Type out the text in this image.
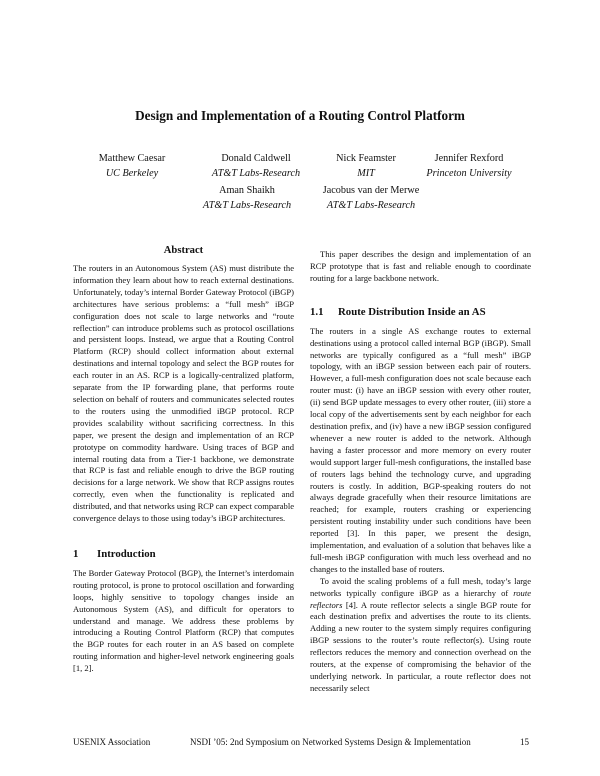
Design and Implementation of a Routing Control Platform
Matthew Caesar
UC Berkeley
Donald Caldwell
AT&T Labs-Research
Nick Feamster
MIT
Jennifer Rexford
Princeton University
Aman Shaikh
AT&T Labs-Research
Jacobus van der Merwe
AT&T Labs-Research

Abstract

The routers in an Autonomous System (AS) must distribute the information they learn about how to reach external destinations. Unfortunately, today’s internal Border Gateway Protocol (iBGP) architectures have serious problems: a “full mesh” iBGP configuration does not scale to large networks and “route reflection” can introduce problems such as protocol oscillations and persistent loops. Instead, we argue that a Routing Control Platform (RCP) should collect information about external destinations and internal topology and select the BGP routes for each router in an AS. RCP is a logically-centralized platform, separate from the IP forwarding plane, that performs route selection on behalf of routers and communicates selected routes to the routers using the unmodified iBGP protocol. RCP provides scalability without sacrificing correctness. In this paper, we present the design and implementation of an RCP prototype on commodity hardware. Using traces of BGP and internal routing data from a Tier-1 backbone, we demonstrate that RCP is fast and reliable enough to drive the BGP routing decisions for a large network. We show that RCP assigns routes correctly, even when the functionality is replicated and distributed, and that networks using RCP can expect comparable convergence delays to those using today’s iBGP architectures.

1	Introduction

The Border Gateway Protocol (BGP), the Internet’s interdomain routing protocol, is prone to protocol oscillation and forwarding loops, highly sensitive to topology changes inside an Autonomous System (AS), and difficult for operators to understand and manage. We address these problems by introducing a Routing Control Platform (RCP) that computes the BGP routes for each router in an AS based on complete routing information and higher-level network engineering goals [1, 2].

This paper describes the design and implementation of an RCP prototype that is fast and reliable enough to coordinate routing for a large backbone network.

1.1	Route Distribution Inside an AS

The routers in a single AS exchange routes to external destinations using a protocol called internal BGP (iBGP). Small networks are typically configured as a “full mesh” iBGP topology, with an iBGP session between each pair of routers. However, a full-mesh configuration does not scale because each router must: (i) have an iBGP session with every other router, (ii) send BGP update messages to every other router, (iii) store a local copy of the advertisements sent by each neighbor for each destination prefix, and (iv) have a new iBGP session configured whenever a new router is added to the network. Although having a faster processor and more memory on every router would support larger full-mesh configurations, the installed base of routers lags behind the technology curve, and upgrading routers is costly. In addition, BGP-speaking routers do not always degrade gracefully when their resource limitations are reached; for example, routers crashing or experiencing persistent routing instability under such conditions have been reported [3]. In this paper, we present the design, implementation, and evaluation of a solution that behaves like a full-mesh iBGP configuration with much less overhead and no changes to the installed base of routers.

To avoid the scaling problems of a full mesh, today’s large networks typically configure iBGP as a hierarchy of route reflectors [4]. A route reflector selects a single BGP route for each destination prefix and advertises the route to its clients. Adding a new router to the system simply requires configuring iBGP sessions to the router’s route reflector(s). Using route reflectors reduces the memory and connection overhead on the routers, at the expense of compromising the behavior of the underlying network. In particular, a route reflector does not necessarily select

USENIX Association	NSDI ’05: 2nd Symposium on Networked Systems Design & Implementation	15
